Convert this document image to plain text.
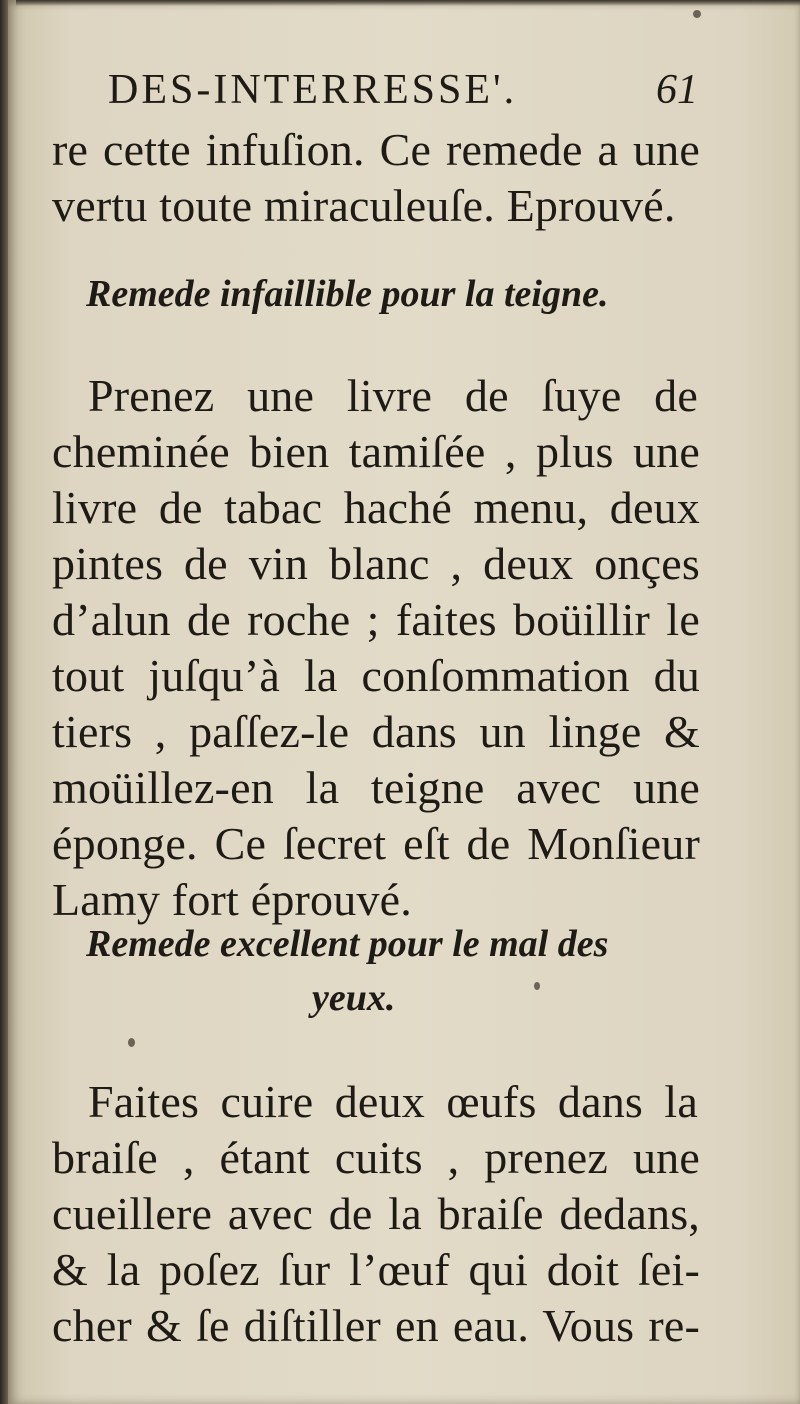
DES-INTERRESSE'.	61
re cette infuſion. Ce remede a une
vertu toute miraculeuſe. Eprouvé.
Remede infaillible pour la teigne.
Prenez une livre de ſuye de
cheminée bien tamiſée , plus une
livre de tabac haché menu, deux
pintes de vin blanc , deux onçes
d’alun de roche ; faites boüillir le
tout juſqu’à la conſommation du
tiers , paſſez-le dans un linge &
moüillez-en la teigne avec une
éponge. Ce ſecret eſt de Monſieur
Lamy fort éprouvé.
Remede excellent pour le mal des
yeux.
Faites cuire deux œufs dans la
braiſe , étant cuits , prenez une
cueillere avec de la braiſe dedans,
& la poſez ſur l’œuf qui doit ſei-
cher & ſe diſtiller en eau. Vous re-
